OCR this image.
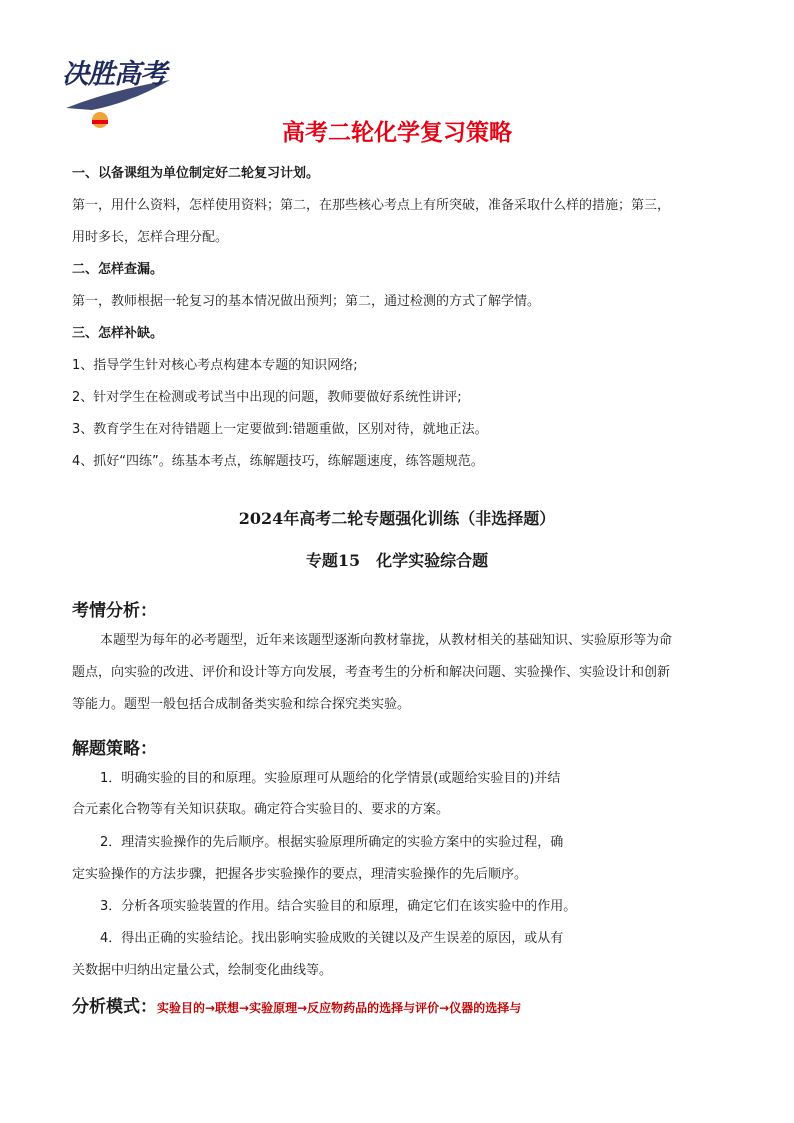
决胜高考
高考二轮化学复习策略
一、以备课组为单位制定好二轮复习计划。
第一，用什么资料，怎样使用资料；第二，在那些核心考点上有所突破，准备采取什么样的措施；第三，
用时多长，怎样合理分配。
二、怎样查漏。
第一，教师根据一轮复习的基本情况做出预判；第二，通过检测的方式了解学情。
三、怎样补缺。
1、指导学生针对核心考点构建本专题的知识网络;
2、针对学生在检测或考试当中出现的问题，教师要做好系统性讲评;
3、教育学生在对待错题上一定要做到:错题重做，区别对待，就地正法。
4、抓好“四练”。练基本考点，练解题技巧，练解题速度，练答题规范。
2024年高考二轮专题强化训练（非选择题）
专题15　化学实验综合题
考情分析：
本题型为每年的必考题型，近年来该题型逐渐向教材靠拢，从教材相关的基础知识、实验原形等为命
题点，向实验的改进、评价和设计等方向发展，考查考生的分析和解决问题、实验操作、实验设计和创新
等能力。题型一般包括合成制备类实验和综合探究类实验。
解题策略：
1．明确实验的目的和原理。实验原理可从题给的化学情景(或题给实验目的)并结
合元素化合物等有关知识获取。确定符合实验目的、要求的方案。
2．理清实验操作的先后顺序。根据实验原理所确定的实验方案中的实验过程，确
定实验操作的方法步骤，把握各步实验操作的要点，理清实验操作的先后顺序。
3．分析各项实验装置的作用。结合实验目的和原理，确定它们在该实验中的作用。
4．得出正确的实验结论。找出影响实验成败的关键以及产生误差的原因，或从有
关数据中归纳出定量公式，绘制变化曲线等。
分析模式：实验目的→联想→实验原理→反应物药品的选择与评价→仪器的选择与
